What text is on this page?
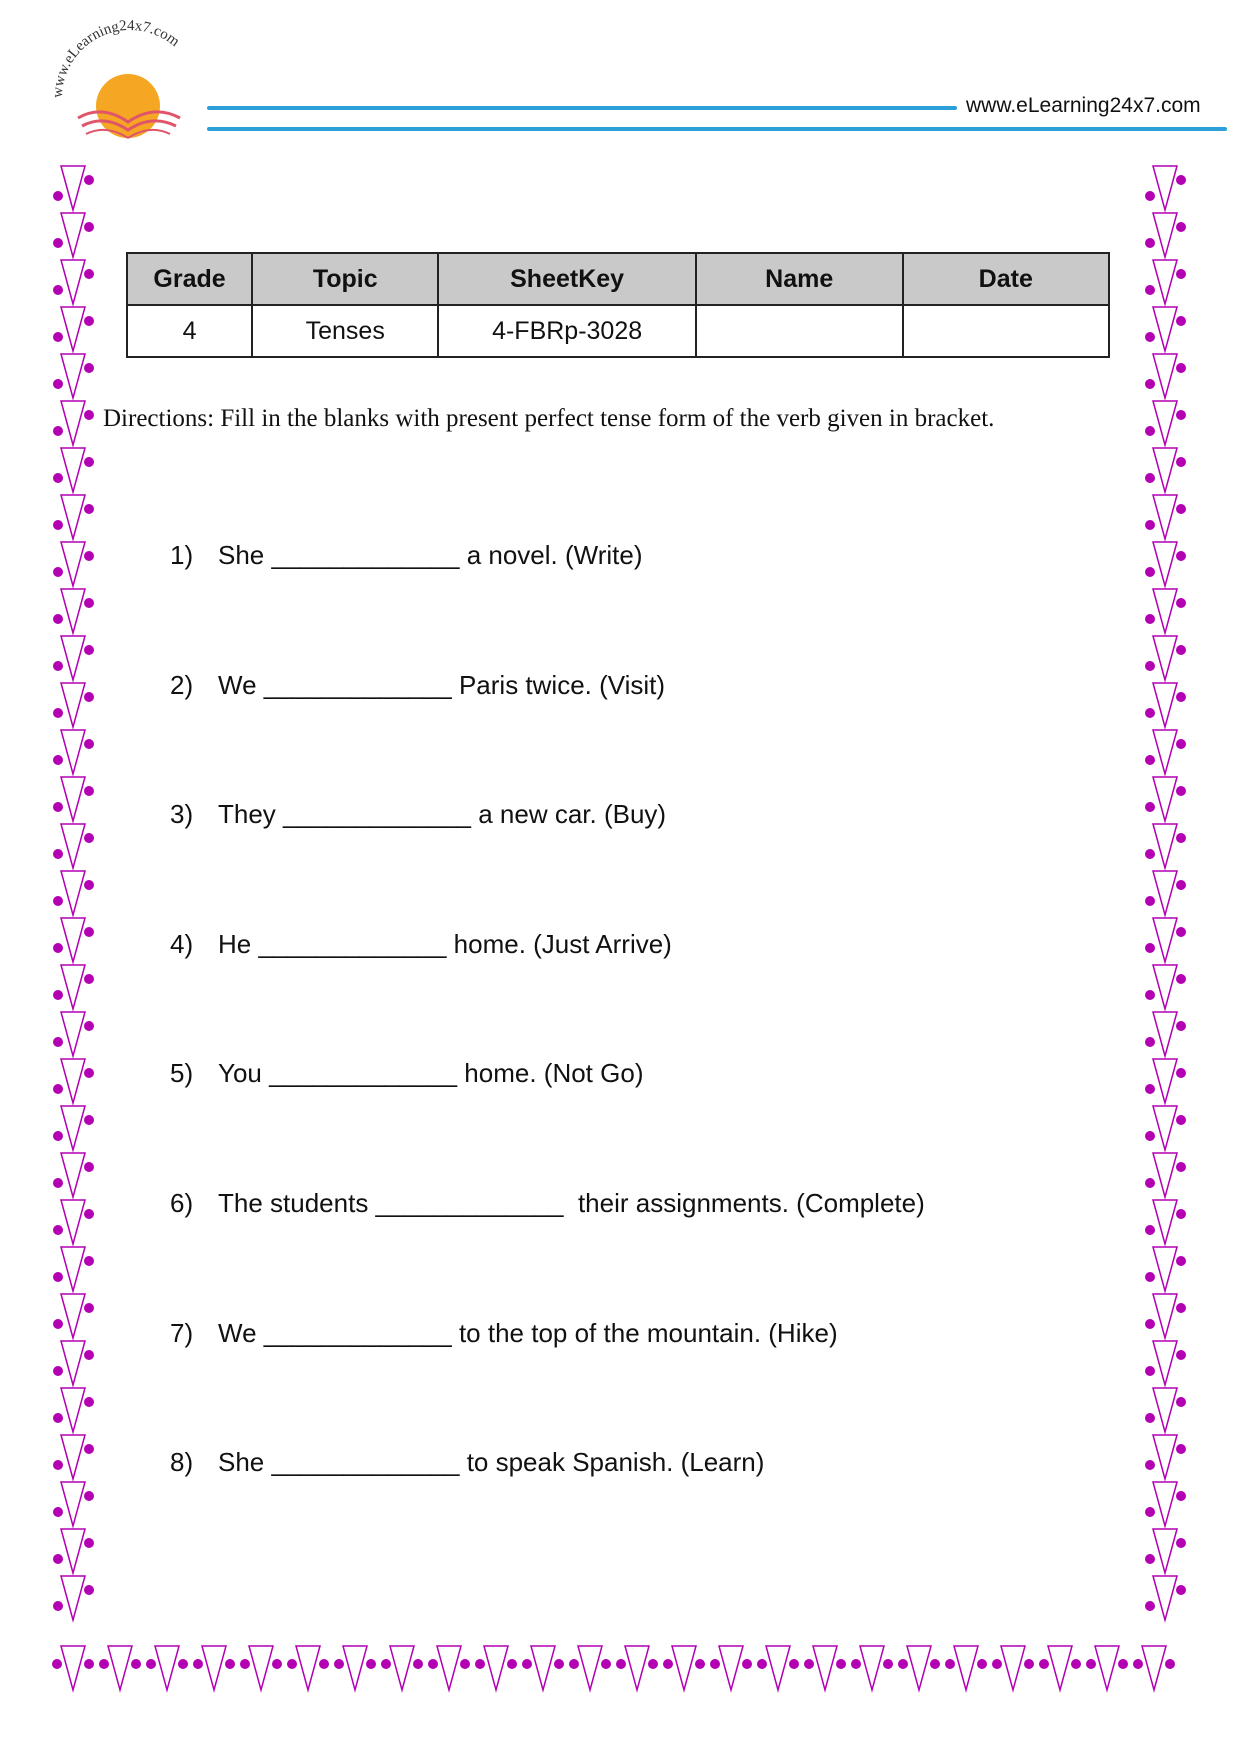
www.eLearning24x7.com
www.eLearning24x7.com
Grade	Topic	SheetKey	Name	Date
4	Tenses	4-FBRp-3028		
Directions: Fill in the blanks with present perfect tense form of the verb given in bracket.
1) She _____________ a novel. (Write)
2) We _____________ Paris twice. (Visit)
3) They _____________ a new car. (Buy)
4) He _____________ home. (Just Arrive)
5) You _____________ home. (Not Go)
6) The students _____________  their assignments. (Complete)
7) We _____________ to the top of the mountain. (Hike)
8) She _____________ to speak Spanish. (Learn)
